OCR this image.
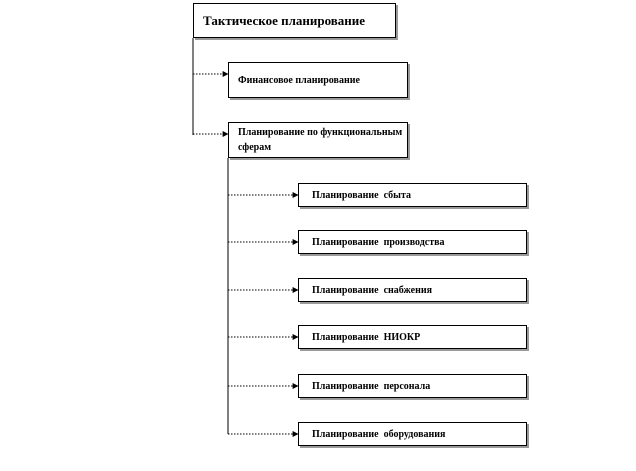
Тактическое планирование
Финансовое планирование
Планирование по функциональным сферам
Планирование  сбыта
Планирование  производства
Планирование  снабжения
Планирование  НИОКР
Планирование  персонала
Планирование  оборудования
